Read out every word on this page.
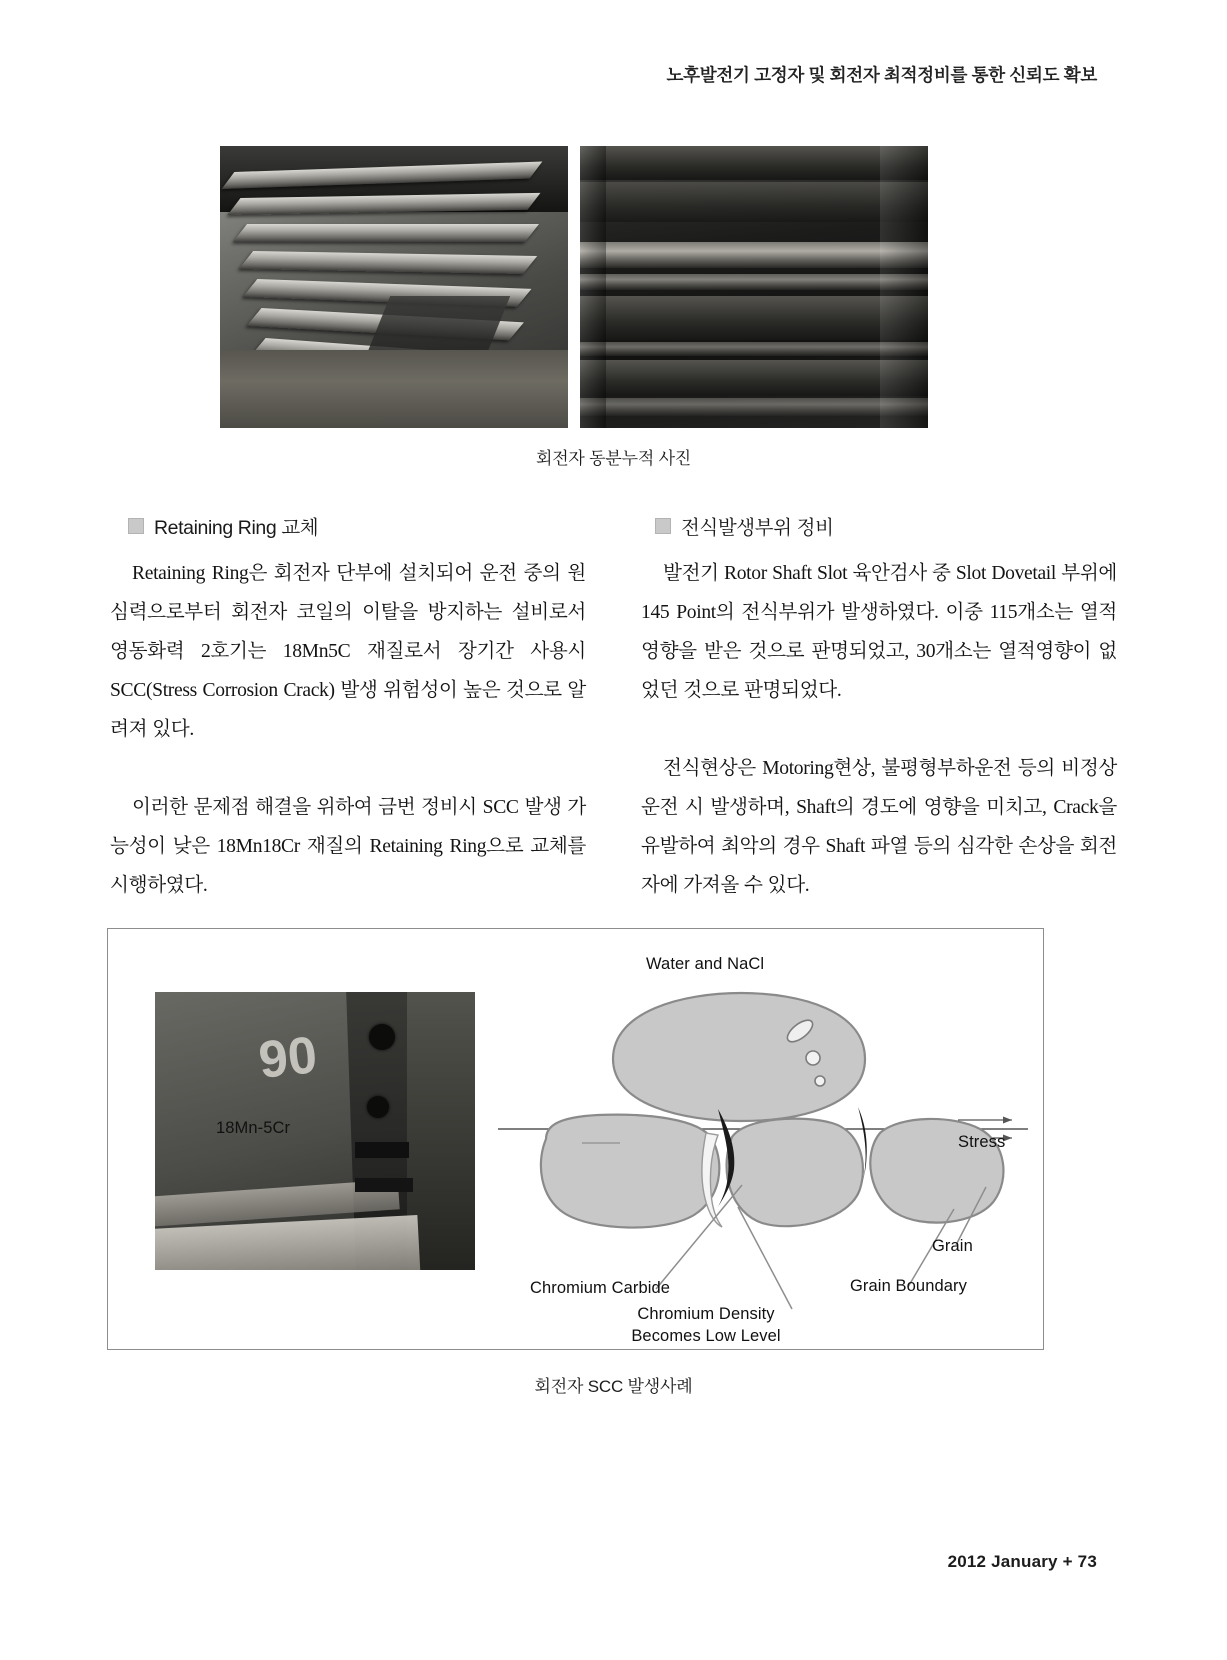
노후발전기 고정자 및 회전자 최적정비를 통한 신뢰도 확보
회전자 동분누적 사진
Retaining Ring 교체

Retaining Ring은 회전자 단부에 설치되어 운전 중의 원심력으로부터 회전자 코일의 이탈을 방지하는 설비로서 영동화력 2호기는 18Mn5C 재질로서 장기간 사용시 SCC(Stress Corrosion Crack) 발생 위험성이 높은 것으로 알려져 있다.

이러한 문제점 해결을 위하여 금번 정비시 SCC 발생 가능성이 낮은 18Mn18Cr 재질의 Retaining Ring으로 교체를 시행하였다.

전식발생부위 정비

발전기 Rotor Shaft Slot 육안검사 중 Slot Dovetail 부위에 145 Point의 전식부위가 발생하였다. 이중 115개소는 열적영향을 받은 것으로 판명되었고, 30개소는 열적영향이 없었던 것으로 판명되었다.

전식현상은 Motoring현상, 불평형부하운전 등의 비정상 운전 시 발생하며, Shaft의 경도에 영향을 미치고, Crack을 유발하여 최악의 경우 Shaft 파열 등의 심각한 손상을 회전자에 가져올 수 있다.

90
Water and NaCl
18Mn-5Cr
Stress
Grain
Grain Boundary
Chromium Carbide
Chromium Density
Becomes Low Level
회전자 SCC 발생사례
2012 January + 73
